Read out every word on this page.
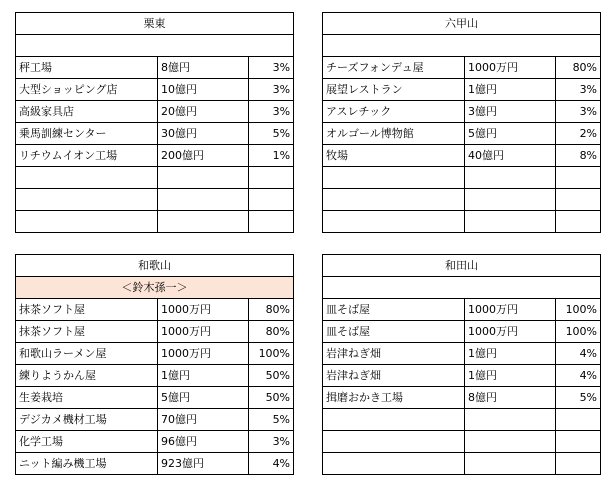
栗東		

秤工場	8億円	3%
大型ショッピング店	10億円	3%
高級家具店	20億円	3%
乗馬訓練センター	30億円	5%
リチウムイオン工場	200億円	1%

六甲山		

チーズフォンデュ屋	1000万円	80%
展望レストラン	1億円	3%
アスレチック	3億円	3%
オルゴール博物館	5億円	2%
牧場	40億円	8%

和歌山		
＜鈴木孫一＞		
抹茶ソフト屋	1000万円	80%
抹茶ソフト屋	1000万円	80%
和歌山ラーメン屋	1000万円	100%
練りようかん屋	1億円	50%
生姜栽培	5億円	50%
デジカメ機材工場	70億円	5%
化学工場	96億円	3%
ニット編み機工場	923億円	4%
和田山		

皿そば屋	1000万円	100%
皿そば屋	1000万円	100%
岩津ねぎ畑	1億円	4%
岩津ねぎ畑	1億円	4%
揖磨おかき工場	8億円	5%
